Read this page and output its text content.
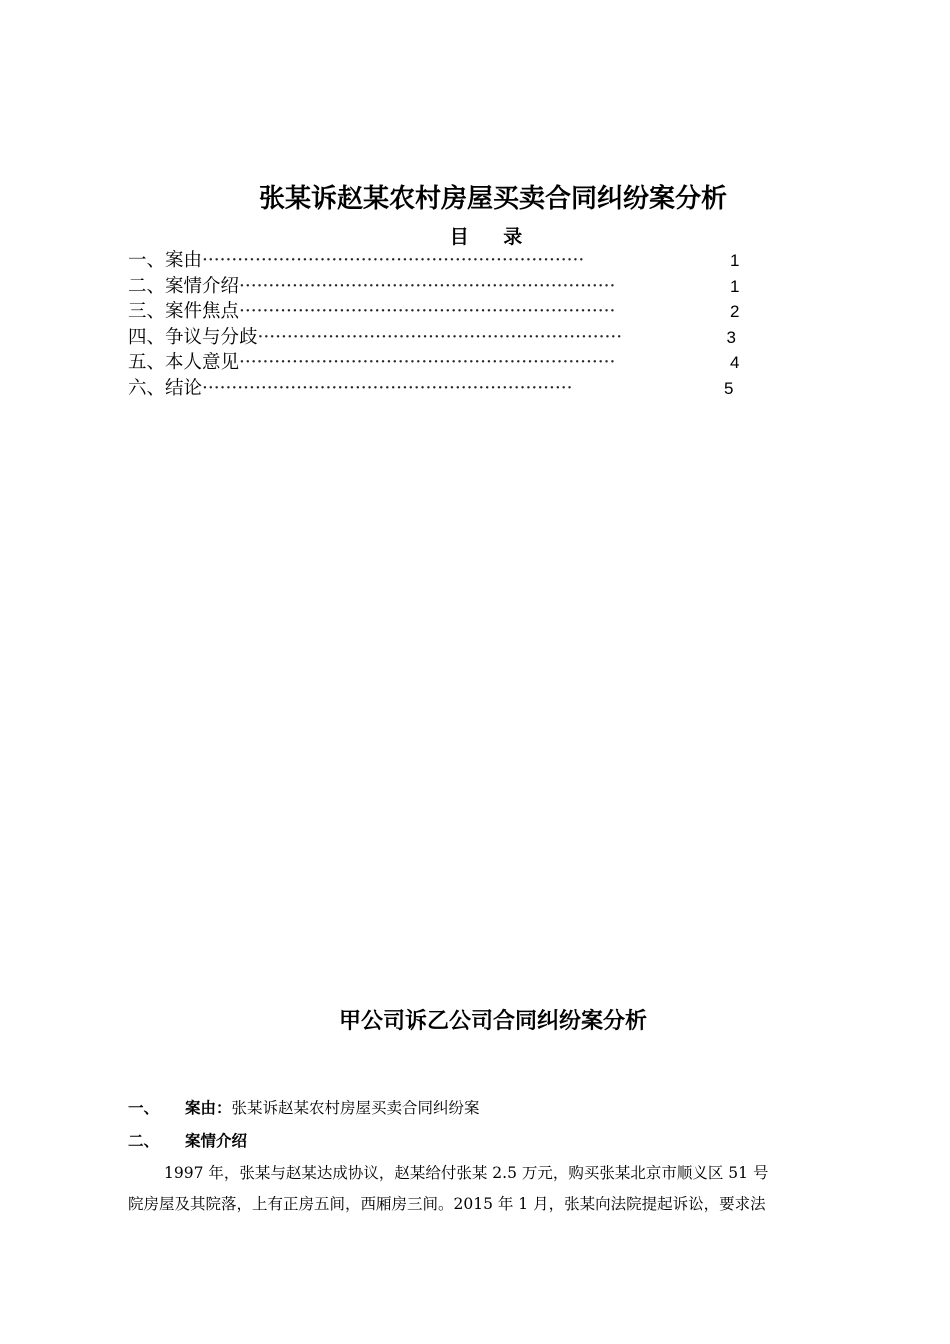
张某诉赵某农村房屋买卖合同纠纷案分析
目 录
一、案由 ·································································	1
二、案情介绍 ································································	1
三、案件焦点 ································································	2
四、争议与分歧 ······························································	3
五、本人意见 ································································	4
六、结论 ·······························································	5
甲公司诉乙公司合同纠纷案分析
一、 案由：张某诉赵某农村房屋买卖合同纠纷案
二、 案情介绍
1997 年，张某与赵某达成协议，赵某给付张某 2.5 万元，购买张某北京市顺义区 51 号
院房屋及其院落，上有正房五间，西厢房三间。2015 年 1 月，张某向法院提起诉讼，要求法
